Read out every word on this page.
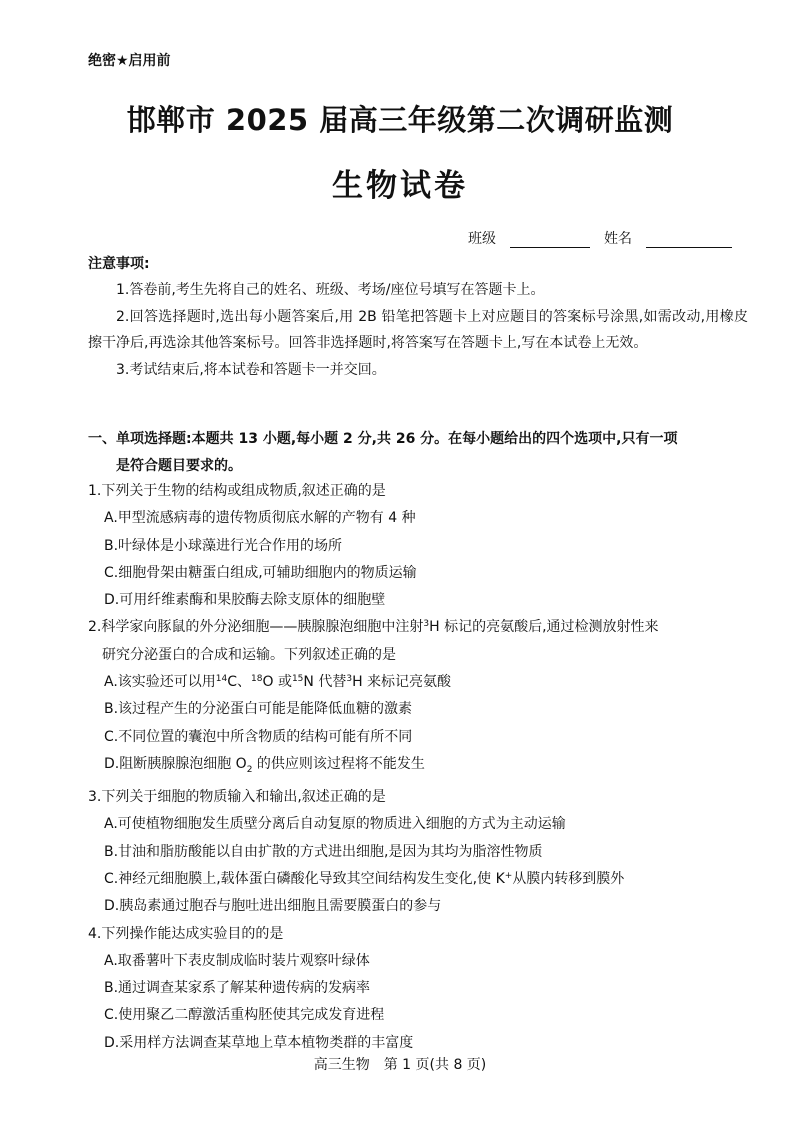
绝密★启用前
邯郸市 2025 届高三年级第二次调研监测
生物试卷
班级	姓名
注意事项:

1.答卷前,考生先将自己的姓名、班级、考场/座位号填写在答题卡上。

2.回答选择题时,选出每小题答案后,用 2B 铅笔把答题卡上对应题目的答案标号涂黑,如需改动,用橡皮擦干净后,再选涂其他答案标号。回答非选择题时,将答案写在答题卡上,写在本试卷上无效。

3.考试结束后,将本试卷和答题卡一并交回。

一、单项选择题:本题共 13 小题,每小题 2 分,共 26 分。在每小题给出的四个选项中,只有一项
是符合题目要求的。

1.下列关于生物的结构或组成物质,叙述正确的是

A.甲型流感病毒的遗传物质彻底水解的产物有 4 种

B.叶绿体是小球藻进行光合作用的场所

C.细胞骨架由糖蛋白组成,可辅助细胞内的物质运输

D.可用纤维素酶和果胶酶去除支原体的细胞壁

2.科学家向豚鼠的外分泌细胞——胰腺腺泡细胞中注射$^3$H 标记的亮氨酸后,通过检测放射性来
研究分泌蛋白的合成和运输。下列叙述正确的是

A.该实验还可以用$^{14}$C、$^{18}$O 或$^{15}$N 代替$^3$H 来标记亮氨酸

B.该过程产生的分泌蛋白可能是能降低血糖的激素

C.不同位置的囊泡中所含物质的结构可能有所不同

D.阻断胰腺腺泡细胞 $O_2$ 的供应则该过程将不能发生

3.下列关于细胞的物质输入和输出,叙述正确的是

A.可使植物细胞发生质壁分离后自动复原的物质进入细胞的方式为主动运输

B.甘油和脂肪酸能以自由扩散的方式进出细胞,是因为其均为脂溶性物质

C.神经元细胞膜上,载体蛋白磷酸化导致其空间结构发生变化,使 K+从膜内转移到膜外

D.胰岛素通过胞吞与胞吐进出细胞且需要膜蛋白的参与

4.下列操作能达成实验目的的是

A.取番薯叶下表皮制成临时装片观察叶绿体

B.通过调查某家系了解某种遗传病的发病率

C.使用聚乙二醇激活重构胚使其完成发育进程

D.采用样方法调查某草地上草本植物类群的丰富度

高三生物　第 1 页(共 8 页)
